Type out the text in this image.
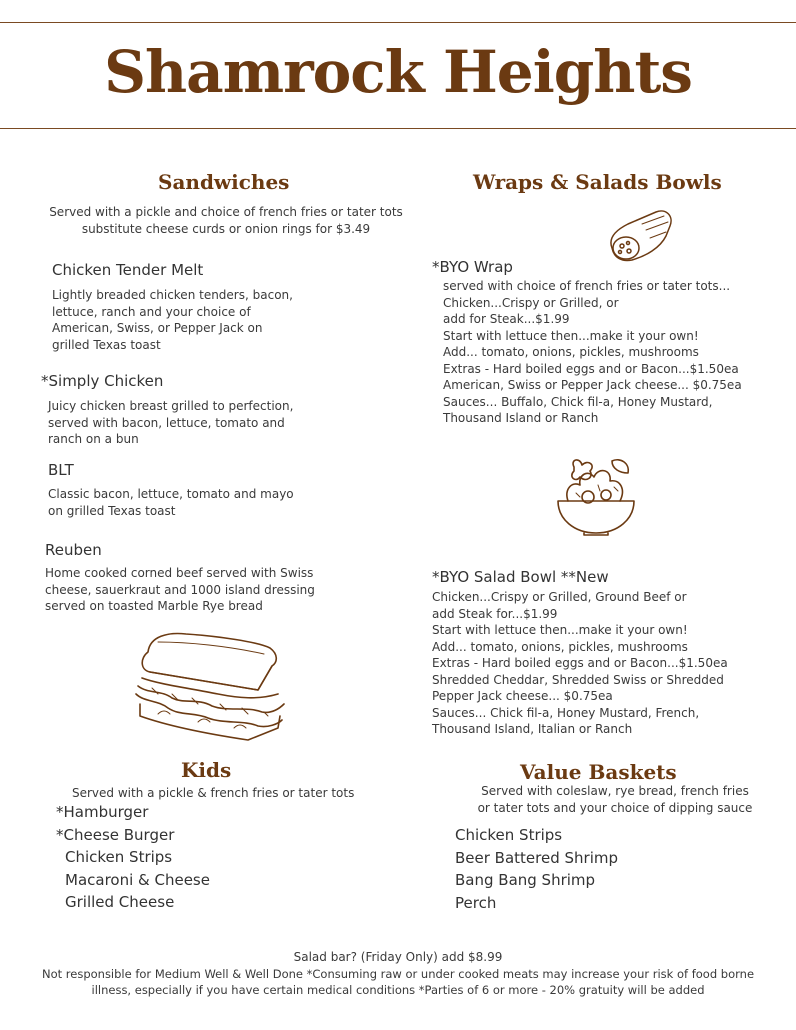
Shamrock Heights
Sandwiches
Served with a pickle and choice of french fries or tater tots
substitute cheese curds or onion rings for $3.49
Chicken Tender Melt
Lightly breaded chicken tenders, bacon,
lettuce, ranch and your choice of
American, Swiss, or Pepper Jack on
grilled Texas toast
*Simply Chicken
Juicy chicken breast grilled to perfection,
served with bacon, lettuce, tomato and
ranch on a bun
BLT
Classic bacon, lettuce, tomato and mayo
on grilled Texas toast
Reuben
Home cooked corned beef served with Swiss
cheese, sauerkraut and 1000 island dressing
served on toasted Marble Rye bread
Wraps & Salads Bowls
*BYO Wrap
served with choice of french fries or tater tots...
Chicken...Crispy or Grilled, or
add for Steak...$1.99
Start with lettuce then...make it your own!
Add... tomato, onions, pickles, mushrooms
Extras - Hard boiled eggs and or Bacon...$1.50ea
American, Swiss or Pepper Jack cheese... $0.75ea
Sauces... Buffalo, Chick fil-a, Honey Mustard,
Thousand Island or Ranch
*BYO Salad Bowl **New
Chicken...Crispy or Grilled, Ground Beef or
add Steak for...$1.99
Start with lettuce then...make it your own!
Add... tomato, onions, pickles, mushrooms
Extras - Hard boiled eggs and or Bacon...$1.50ea
Shredded Cheddar, Shredded Swiss or Shredded
Pepper Jack cheese... $0.75ea
Sauces... Chick fil-a, Honey Mustard, French,
Thousand Island, Italian or Ranch
Kids
Served with a pickle & french fries or tater tots
*Hamburger
*Cheese Burger
Chicken Strips
Macaroni & Cheese
Grilled Cheese
Value Baskets
Served with coleslaw, rye bread, french fries
or tater tots and your choice of dipping sauce
Chicken Strips
Beer Battered Shrimp
Bang Bang Shrimp
Perch
Salad bar? (Friday Only) add $8.99
Not responsible for Medium Well & Well Done *Consuming raw or under cooked meats may increase your risk of food borne
illness, especially if you have certain medical conditions *Parties of 6 or more - 20% gratuity will be added
